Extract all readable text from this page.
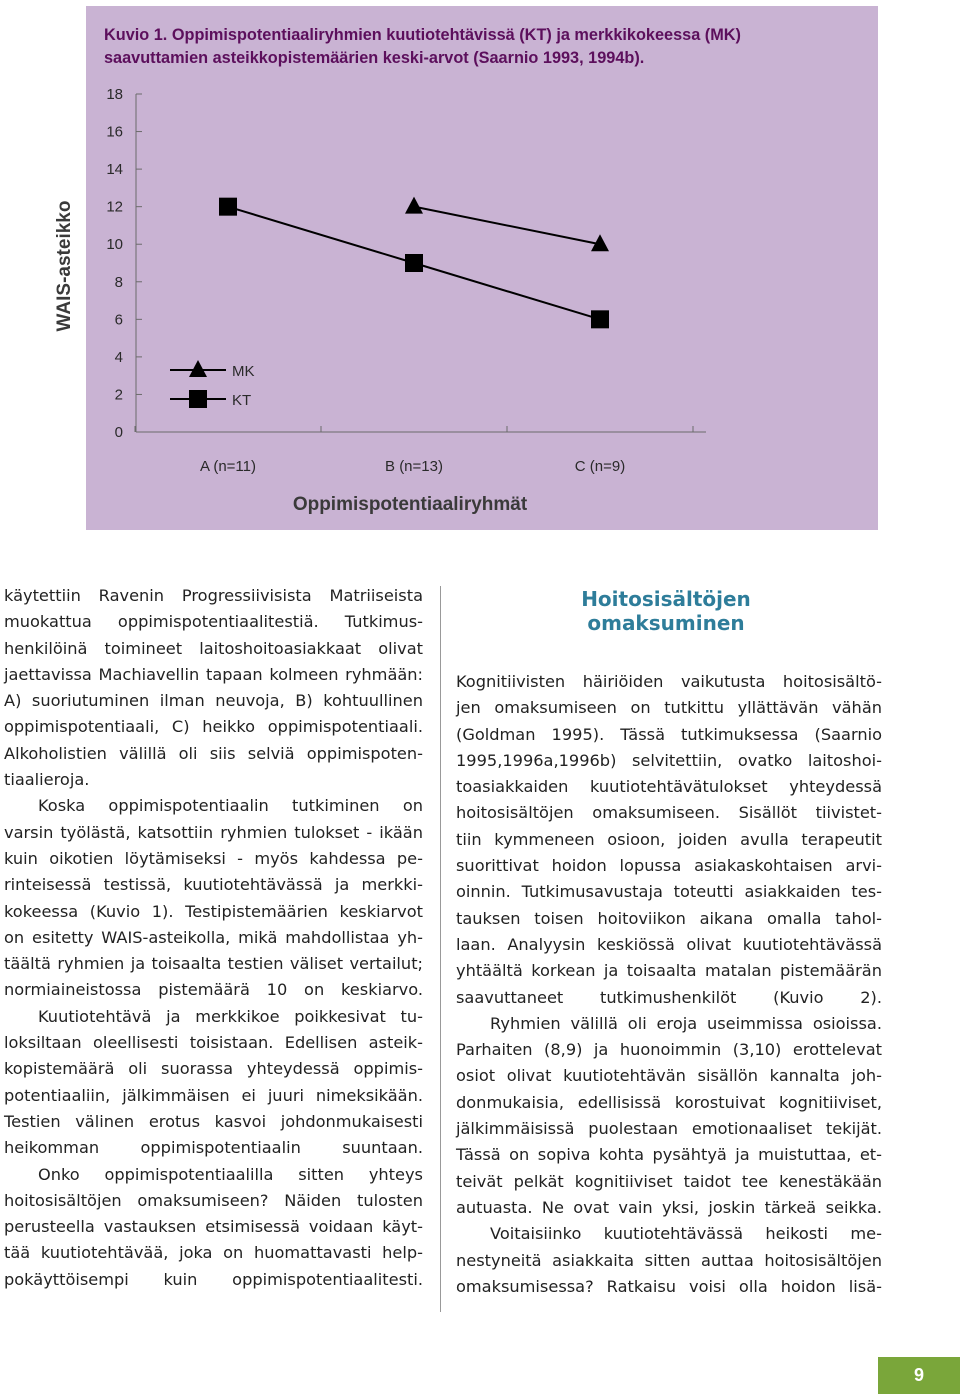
0
2
4
6
8
10
12
14
16
18
A (n=11)	B (n=13)	C (n=9)
Oppimispotentiaaliryhmät
WAIS-asteikko
MK
KT
Kuvio 1. Oppimispotentiaaliryhmien kuutiotehtävissä (KT) ja merkkikokeessa (MK)
saavuttamien asteikkopistemäärien keski-arvot (Saarnio 1993, 1994b).
käytettiin Ravenin Progressiivisista Matriiseista
muokattua oppimispotentiaalitestiä. Tutkimus-
henkilöinä toimineet laitoshoitoasiakkaat olivat
jaettavissa Machiavellin tapaan kolmeen ryhmään:
A) suoriutuminen ilman neuvoja, B) kohtuullinen
oppimispotentiaali, C) heikko oppimispotentiaali.
Alkoholistien välillä oli siis selviä oppimispoten-
tiaalieroja.
Koska oppimispotentiaalin tutkiminen on
varsin työlästä, katsottiin ryhmien tulokset - ikään
kuin oikotien löytämiseksi - myös kahdessa pe-
rinteisessä testissä, kuutiotehtävässä ja merkki-
kokeessa (Kuvio 1). Testipistemäärien keskiarvot
on esitetty WAIS-asteikolla, mikä mahdollistaa yh-
täältä ryhmien ja toisaalta testien väliset vertailut;
normiaineistossa pistemäärä 10 on keskiarvo.
Kuutiotehtävä ja merkkikoe poikkesivat tu-
loksiltaan oleellisesti toisistaan. Edellisen asteik-
kopistemäärä oli suorassa yhteydessä oppimis-
potentiaaliin, jälkimmäisen ei juuri nimeksikään.
Testien välinen erotus kasvoi johdonmukaisesti
heikomman oppimispotentiaalin suuntaan.
Onko oppimispotentiaalilla sitten yhteys
hoitosisältöjen omaksumiseen? Näiden tulosten
perusteella vastauksen etsimisessä voidaan käyt-
tää kuutiotehtävää, joka on huomattavasti help-
pokäyttöisempi kuin oppimispotentiaalitesti.
Hoitosisältöjen
omaksuminen
Kognitiivisten häiriöiden vaikutusta hoitosisältö-
jen omaksumiseen on tutkittu yllättävän vähän
(Goldman 1995). Tässä tutkimuksessa (Saarnio
1995,1996a,1996b) selvitettiin, ovatko laitoshoi-
toasiakkaiden kuutiotehtävätulokset yhteydessä
hoitosisältöjen omaksumiseen. Sisällöt tiivistet-
tiin kymmeneen osioon, joiden avulla terapeutit
suorittivat hoidon lopussa asiakaskohtaisen arvi-
oinnin. Tutkimusavustaja toteutti asiakkaiden tes-
tauksen toisen hoitoviikon aikana omalla tahol-
laan. Analyysin keskiössä olivat kuutiotehtävässä
yhtäältä korkean ja toisaalta matalan pistemäärän
saavuttaneet tutkimushenkilöt (Kuvio 2).
Ryhmien välillä oli eroja useimmissa osioissa.
Parhaiten (8,9) ja huonoimmin (3,10) erottelevat
osiot olivat kuutiotehtävän sisällön kannalta joh-
donmukaisia, edellisissä korostuivat kognitiiviset,
jälkimmäisissä puolestaan emotionaaliset tekijät.
Tässä on sopiva kohta pysähtyä ja muistuttaa, et-
teivät pelkät kognitiiviset taidot tee kenestäkään
autuasta. Ne ovat vain yksi, joskin tärkeä seikka.
Voitaisiinko kuutiotehtävässä heikosti me-
nestyneitä asiakkaita sitten auttaa hoitosisältöjen
omaksumisessa? Ratkaisu voisi olla hoidon lisä-
9
